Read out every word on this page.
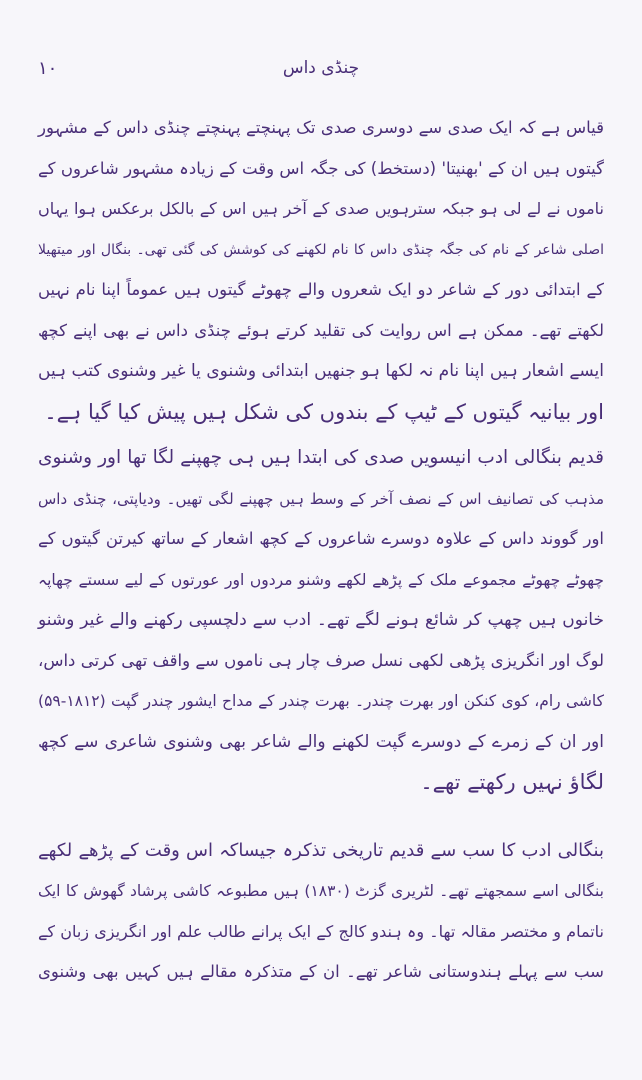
۱۰	چنڈی داس

قیاس ہے کہ ایک صدی سے دوسری صدی تک پہنچتے پہنچتے چنڈی داس کے مشہور
گیتوں ہیں ان کے 'بھنیتا' (دستخط) کی جگہ اس وقت کے زیادہ مشہور شاعروں کے
ناموں نے لے لی ہو جبکہ سترہویں صدی کے آخر ہیں اس کے بالکل برعکس ہوا یہاں
اصلی شاعر کے نام کی جگہ چنڈی داس کا نام لکھنے کی کوشش کی گئی تھی۔ بنگال اور میتھیلا
کے ابتدائی دور کے شاعر دو ایک شعروں والے چھوٹے گیتوں ہیں عموماً اپنا نام نہیں
لکھتے تھے۔ ممکن ہے اس روایت کی تقلید کرتے ہوئے چنڈی داس نے بھی اپنے کچھ
ایسے اشعار ہیں اپنا نام نہ لکھا ہو جنھیں ابتدائی وشنوی یا غیر وشنوی کتب ہیں
اور بیانیہ گیتوں کے ٹیپ کے بندوں کی شکل ہیں پیش کیا گیا ہے۔

قدیم بنگالی ادب انیسویں صدی کی ابتدا ہیں ہی چھپنے لگا تھا اور وشنوی
مذہب کی تصانیف اس کے نصف آخر کے وسط ہیں چھپنے لگی تھیں۔ ودیاپتی، چنڈی داس
اور گووند داس کے علاوہ دوسرے شاعروں کے کچھ اشعار کے ساتھ کیرتن گیتوں کے
چھوٹے چھوٹے مجموعے ملک کے پڑھے لکھے وشنو مردوں اور عورتوں کے لیے سستے چھاپہ
خانوں ہیں چھپ کر شائع ہونے لگے تھے۔ ادب سے دلچسپی رکھنے والے غیر وشنو
لوگ اور انگریزی پڑھی لکھی نسل صرف چار ہی ناموں سے واقف تھی کرتی داس،
کاشی رام، کوی کنکن اور بھرت چندر۔ بھرت چندر کے مداح ایشور چندر گپت (۱۸۱۲-۵۹)
اور ان کے زمرے کے دوسرے گپت لکھنے والے شاعر بھی وشنوی شاعری سے کچھ
لگاؤ نہیں رکھتے تھے۔

بنگالی ادب کا سب سے قدیم تاریخی تذکرہ جیساکہ اس وقت کے پڑھے لکھے
بنگالی اسے سمجھتے تھے۔ لٹریری گزٹ (۱۸۳۰) ہیں مطبوعہ کاشی پرشاد گھوش کا ایک
ناتمام و مختصر مقالہ تھا۔ وہ ہندو کالج کے ایک پرانے طالب علم اور انگریزی زبان کے
سب سے پہلے ہندوستانی شاعر تھے۔ ان کے متذکرہ مقالے ہیں کہیں بھی وشنوی
